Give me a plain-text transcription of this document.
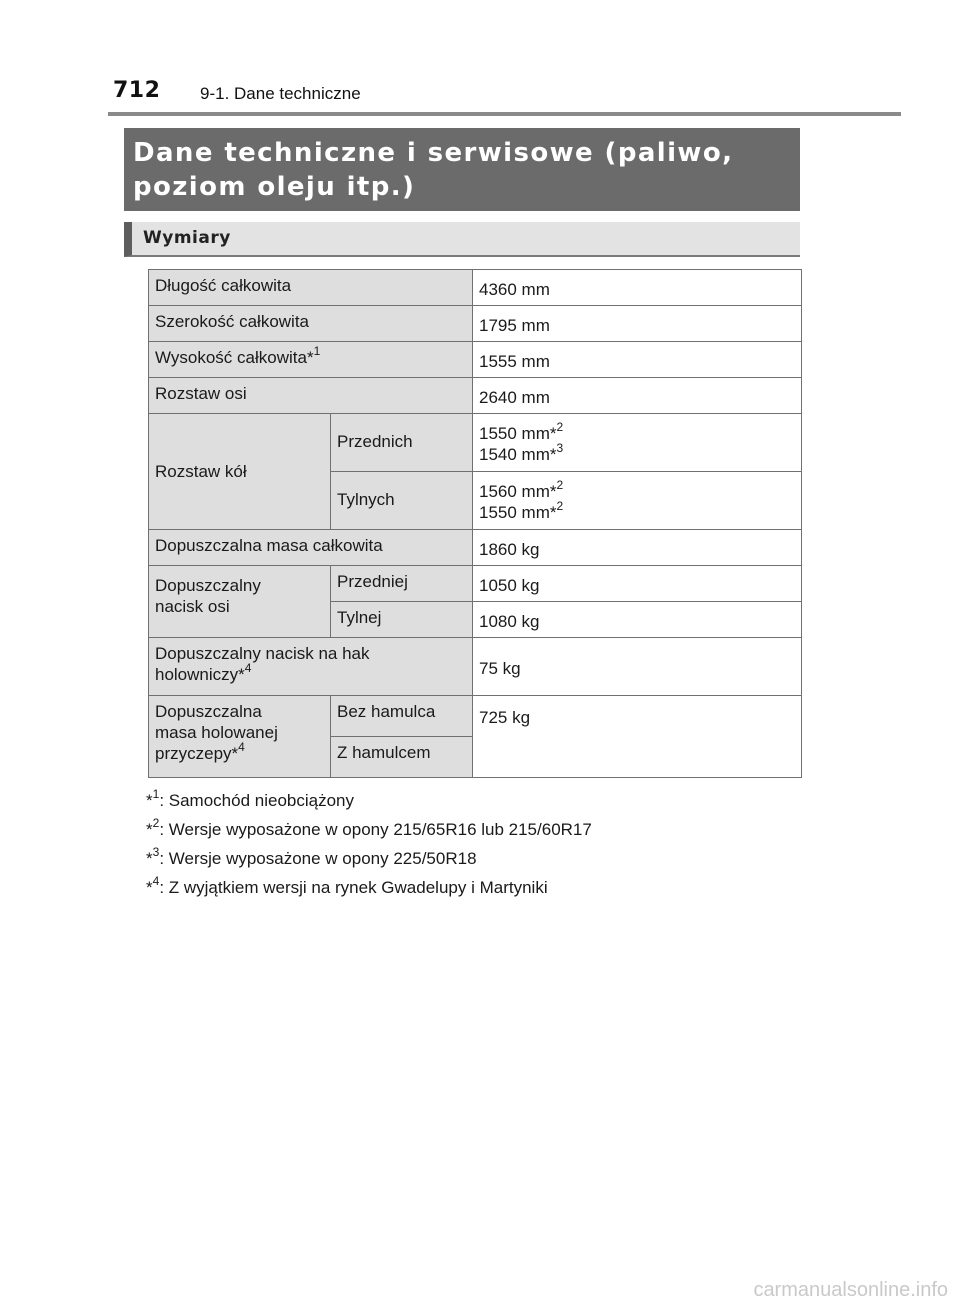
712 9-1. Dane techniczne
Dane techniczne i serwisowe (paliwo,
poziom oleju itp.)
Wymiary
Długość całkowita		4360 mm
Szerokość całkowita		1795 mm
Wysokość całkowita*$^1$		1555 mm
Rozstaw osi		2640 mm
Rozstaw kół	Przednich	1550 mm*$^2$
1540 mm*$^3$

	Tylnych	1560 mm*$^2$
1550 mm*$^2$

Dopuszczalna masa całkowita		1860 kg
Dopuszczalny
nacisk osi	Przedniej	1050 kg
	Tylnej	1080 kg

Dopuszczalny nacisk na hak
holowniczy*$^4$		75 kg

Dopuszczalna
masa holowanej
przyczepy*$^4$	Bez hamulca	725 kg
	Z hamulcem	
*$^1$: Samochód nieobciążony
*$^2$: Wersje wyposażone w opony 215/65R16 lub 215/60R17
*$^3$: Wersje wyposażone w opony 225/50R18
*$^4$: Z wyjątkiem wersji na rynek Gwadelupy i Martyniki
carmanualsonline.info
